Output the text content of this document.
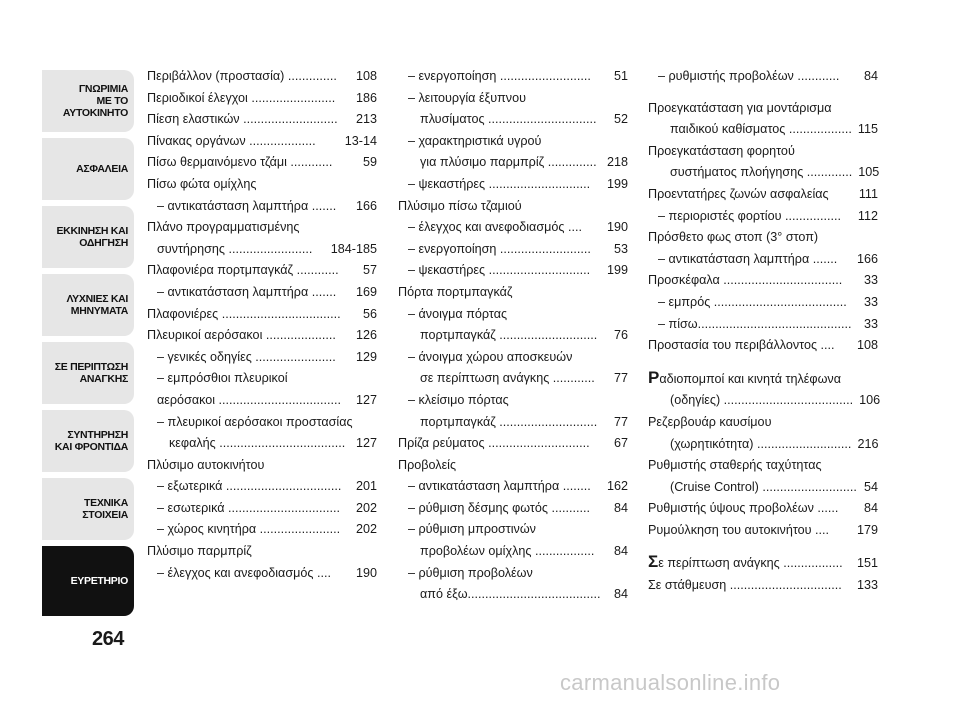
ΓΝΩΡΙΜΙΑ
ΜΕ ΤΟ
ΑΥΤΟΚΙΝΗΤΟ
ΑΣΦΑΛΕΙΑ
ΕΚΚΙΝΗΣΗ ΚΑΙ
ΟΔΗΓΗΣΗ
ΛΥΧΝΙΕΣ ΚΑΙ
ΜΗΝΥΜΑΤΑ
ΣΕ ΠΕΡΙΠΤΩΣΗ
ΑΝΑΓΚΗΣ
ΣΥΝΤΗΡΗΣΗ
ΚΑΙ ΦΡΟΝΤΙΔΑ
ΤΕΧΝΙΚΑ
ΣΤΟΙΧΕΙΑ
ΕΥΡΕΤΗΡΙΟ
264
Περιβάλλον (προστασία) ..............	108
Περιοδικοί έλεγχοι ........................	186
Πίεση ελαστικών ...........................	213
Πίνακας οργάνων ...................	13-14
Πίσω θερμαινόμενο τζάμι ............	59
Πίσω φώτα ομίχλης
– αντικατάσταση λαμπτήρα .......	166
Πλάνο προγραμματισμένης
συντήρησης ........................	184-185
Πλαφονιέρα πορτμπαγκάζ ............	57
– αντικατάσταση λαμπτήρα .......	169
Πλαφονιέρες ..................................	56
Πλευρικοί αερόσακοι ....................	126
– γενικές οδηγίες .......................	129
– εμπρόσθιοι πλευρικοί
αερόσακοι ...................................	127
– πλευρικοί αερόσακοι προστασίας
κεφαλής .................................... 127
Πλύσιμο αυτοκινήτου
– εξωτερικά .................................	201
– εσωτερικά ................................	202
– χώρος κινητήρα .......................	202
Πλύσιμο παρμπρίζ
– έλεγχος και ανεφοδιασμός ....	190
– ενεργοποίηση ..........................	51
– λειτουργία έξυπνου
πλυσίματος ...............................	52
– χαρακτηριστικά υγρού
για πλύσιμο παρμπρίζ .............. 218
– ψεκαστήρες .............................	199
Πλύσιμο πίσω τζαμιού
– έλεγχος και ανεφοδιασμός ....	190
– ενεργοποίηση ..........................	53
– ψεκαστήρες .............................	199
Πόρτα πορτμπαγκάζ
– άνοιγμα πόρτας
πορτμπαγκάζ ............................	76
– άνοιγμα χώρου αποσκευών
σε περίπτωση ανάγκης ............	77
– κλείσιμο πόρτας
πορτμπαγκάζ ............................	77
Πρίζα ρεύματος .............................	67
Προβολείς
– αντικατάσταση λαμπτήρα ........	162
– ρύθμιση δέσμης φωτός ...........	84
– ρύθμιση μπροστινών
προβολέων ομίχλης .................	84
– ρύθμιση προβολέων
από έξω......................................	84
– ρυθμιστής προβολέων ............	84
Προεγκατάσταση για μοντάρισμα
παιδικού καθίσματος .................. 115
Προεγκατάσταση φορητού
συστήματος πλοήγησης ............. 105
Προεντατήρες ζωνών ασφαλείας	111
– περιοριστές φορτίου ................	112
Πρόσθετο φως στοπ (3° στοπ)
– αντικατάσταση λαμπτήρα .......	166
Προσκέφαλα ..................................	33
– εμπρός ......................................	33
– πίσω............................................ 33
Προστασία του περιβάλλοντος ....	108
Ραδιοπομποί και κινητά τηλέφωνα
(οδηγίες) ..................................... 106
Ρεζερβουάρ καυσίμου
(χωρητικότητα) ........................... 216
Ρυθμιστής σταθερής ταχύτητας
(Cruise Control) ........................... 54
Ρυθμιστής ύψους προβολέων ......	84
Ρυμούλκηση του αυτοκινήτου ....	179
Σε περίπτωση ανάγκης .................	151
Σε στάθμευση ................................	133
carmanualsonline.info
